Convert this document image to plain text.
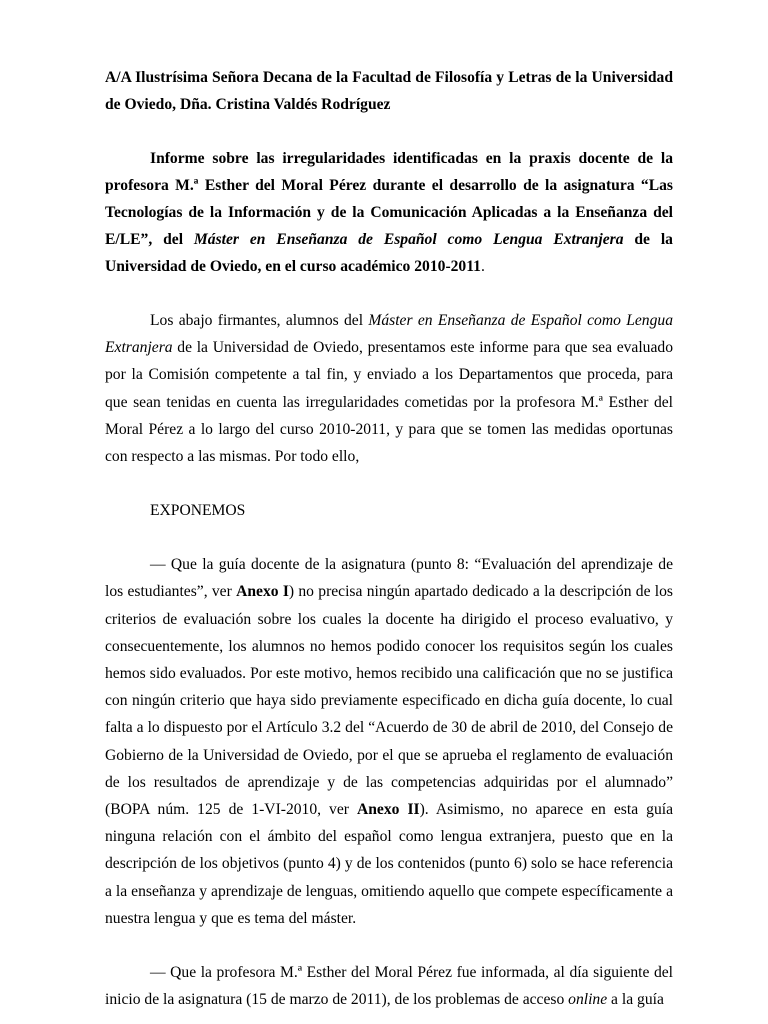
A/A Ilustrísima Señora Decana de la Facultad de Filosofía y Letras de la Universidad de Oviedo, Dña. Cristina Valdés Rodríguez

Informe sobre las irregularidades identificadas en la praxis docente de la profesora M.ª Esther del Moral Pérez durante el desarrollo de la asignatura “Las Tecnologías de la Información y de la Comunicación Aplicadas a la Enseñanza del E/LE”, del Máster en Enseñanza de Español como Lengua Extranjera de la Universidad de Oviedo, en el curso académico 2010-2011.

Los abajo firmantes, alumnos del Máster en Enseñanza de Español como Lengua Extranjera de la Universidad de Oviedo, presentamos este informe para que sea evaluado por la Comisión competente a tal fin, y enviado a los Departamentos que proceda, para que sean tenidas en cuenta las irregularidades cometidas por la profesora M.ª Esther del Moral Pérez a lo largo del curso 2010-2011, y para que se tomen las medidas oportunas con respecto a las mismas. Por todo ello,

EXPONEMOS

— Que la guía docente de la asignatura (punto 8: “Evaluación del aprendizaje de los estudiantes”, ver Anexo I) no precisa ningún apartado dedicado a la descripción de los criterios de evaluación sobre los cuales la docente ha dirigido el proceso evaluativo, y consecuentemente, los alumnos no hemos podido conocer los requisitos según los cuales hemos sido evaluados. Por este motivo, hemos recibido una calificación que no se justifica con ningún criterio que haya sido previamente especificado en dicha guía docente, lo cual falta a lo dispuesto por el Artículo 3.2 del “Acuerdo de 30 de abril de 2010, del Consejo de Gobierno de la Universidad de Oviedo, por el que se aprueba el reglamento de evaluación de los resultados de aprendizaje y de las competencias adquiridas por el alumnado” (BOPA núm. 125 de 1-VI-2010, ver Anexo II). Asimismo, no aparece en esta guía ninguna relación con el ámbito del español como lengua extranjera, puesto que en la descripción de los objetivos (punto 4) y de los contenidos (punto 6) solo se hace referencia a la enseñanza y aprendizaje de lenguas, omitiendo aquello que compete específicamente a nuestra lengua y que es tema del máster.

— Que la profesora M.ª Esther del Moral Pérez fue informada, al día siguiente del inicio de la asignatura (15 de marzo de 2011), de los problemas de acceso online a la guía
